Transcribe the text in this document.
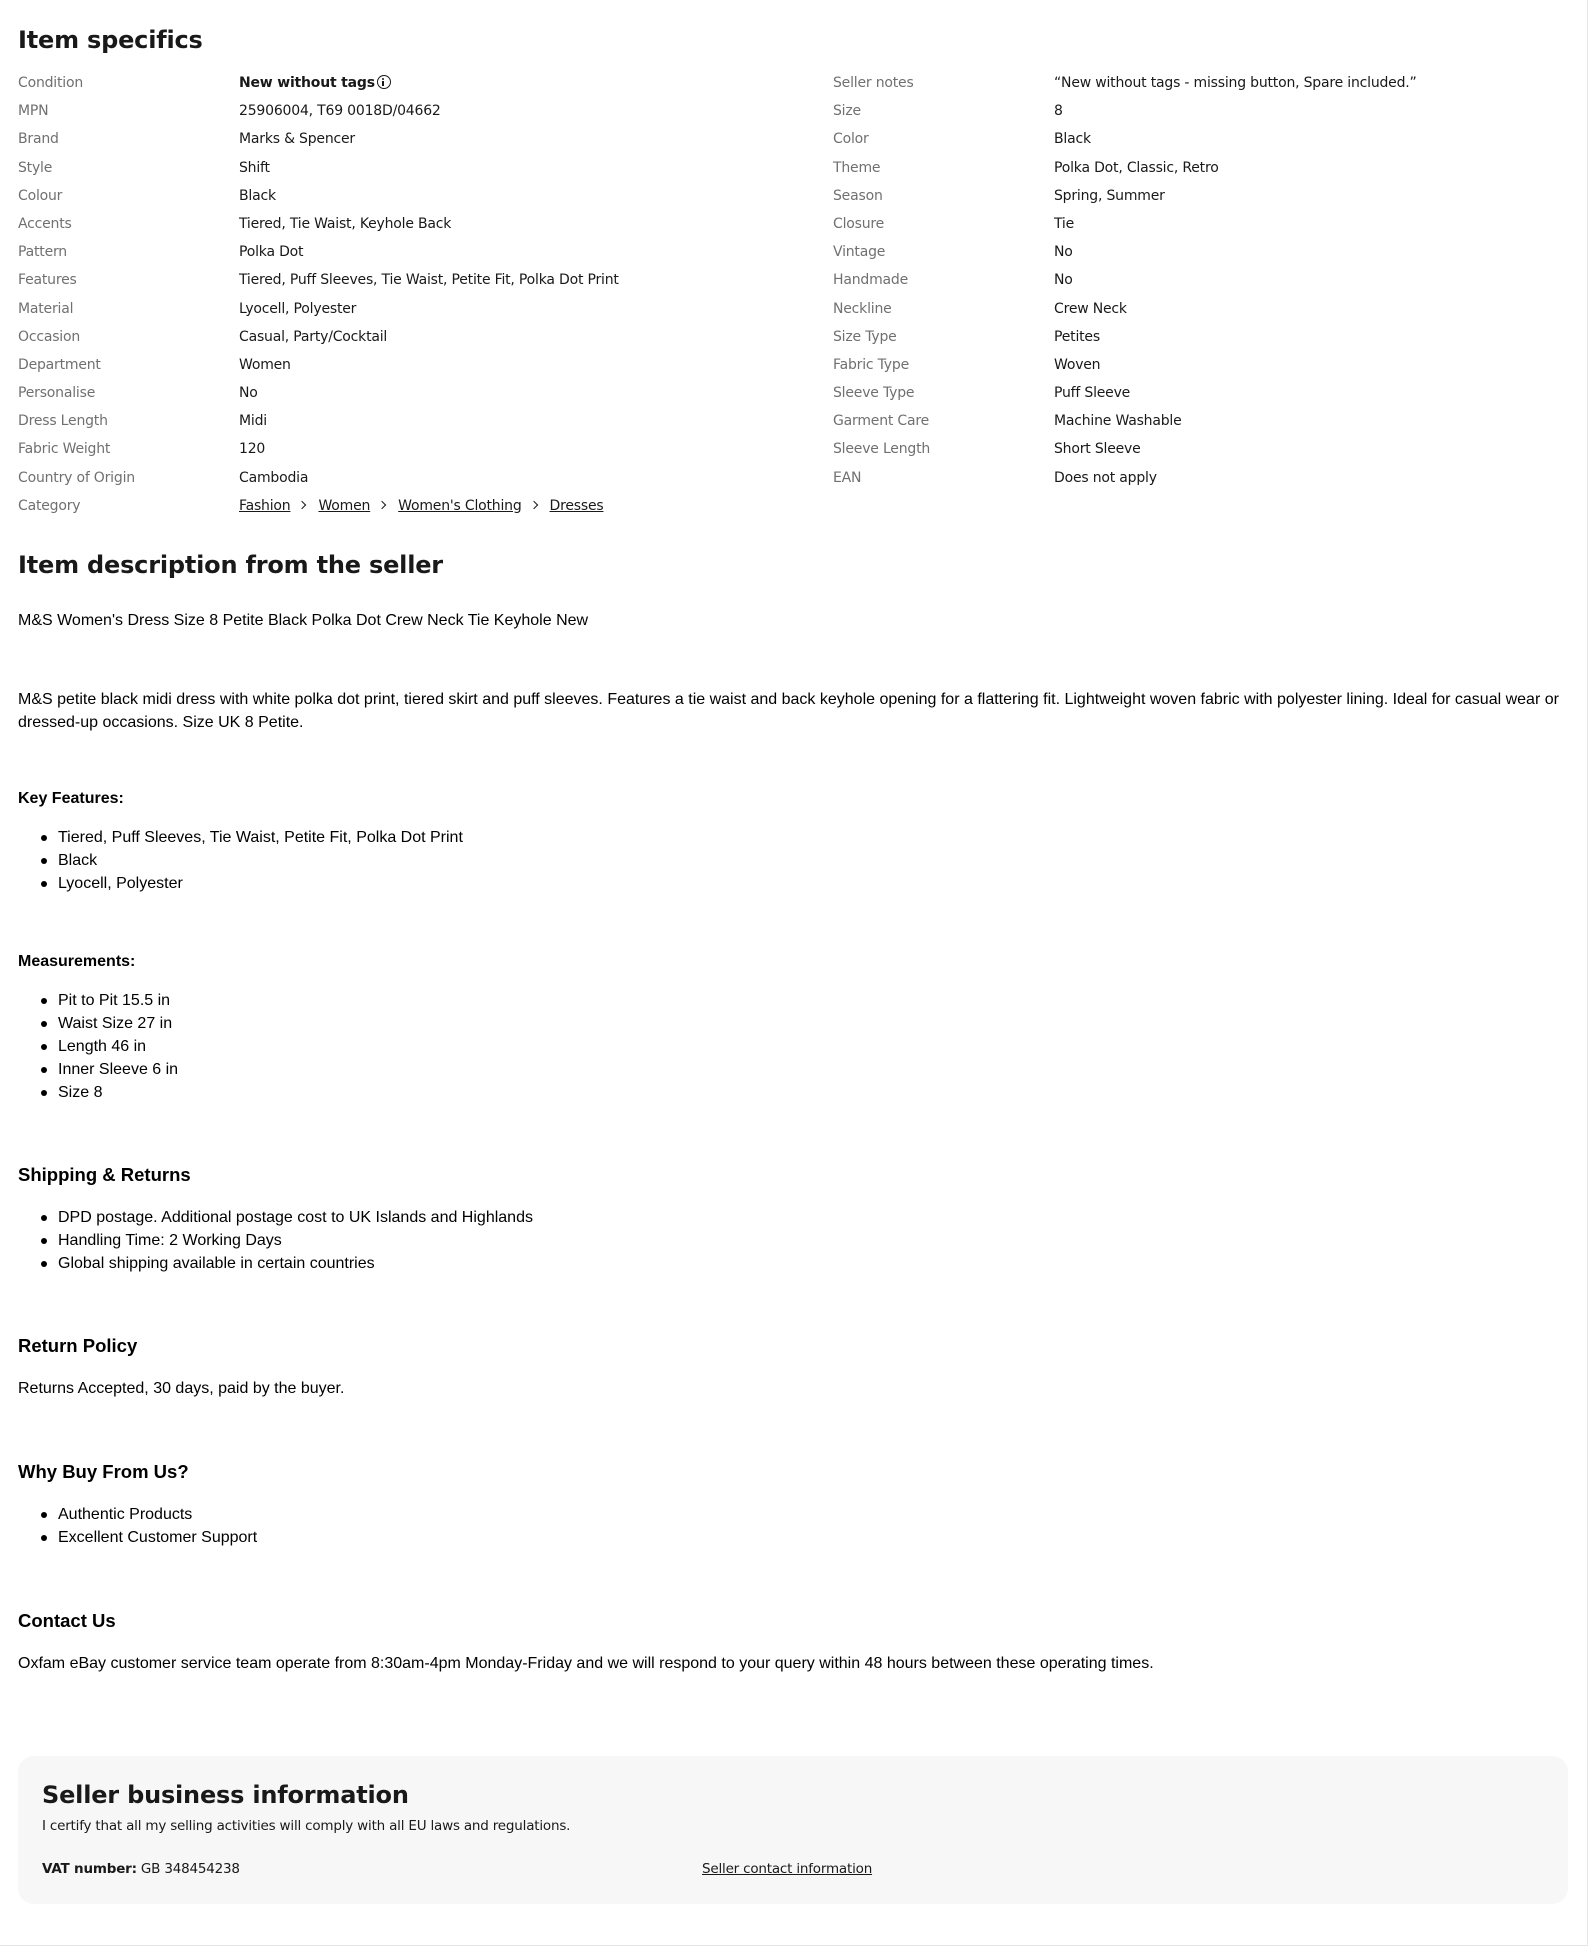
Item specifics
Condition	New without tags
MPN	25906004, T69 0018D/04662
Brand	Marks & Spencer
Style	Shift
Colour	Black
Accents	Tiered, Tie Waist, Keyhole Back
Pattern	Polka Dot
Features	Tiered, Puff Sleeves, Tie Waist, Petite Fit, Polka Dot Print
Material	Lyocell, Polyester
Occasion	Casual, Party/Cocktail
Department	Women
Personalise	No
Dress Length	Midi
Fabric Weight	120
Country of Origin	Cambodia
Category	Fashion Women Women's Clothing Dresses
Seller notes	“New without tags - missing button, Spare included.”
Size	8
Color	Black
Theme	Polka Dot, Classic, Retro
Season	Spring, Summer
Closure	Tie
Vintage	No
Handmade	No
Neckline	Crew Neck
Size Type	Petites
Fabric Type	Woven
Sleeve Type	Puff Sleeve
Garment Care	Machine Washable
Sleeve Length	Short Sleeve
EAN	Does not apply
Item description from the seller

M&S Women's Dress Size 8 Petite Black Polka Dot Crew Neck Tie Keyhole New

M&S petite black midi dress with white polka dot print, tiered skirt and puff sleeves. Features a tie waist and back keyhole opening for a flattering fit. Lightweight woven fabric with polyester lining. Ideal for casual wear or dressed-up occasions. Size UK 8 Petite.

Key Features:
Tiered, Puff Sleeves, Tie Waist, Petite Fit, Polka Dot Print
Black
Lyocell, Polyester
Measurements:
Pit to Pit 15.5 in
Waist Size 27 in
Length 46 in
Inner Sleeve 6 in
Size 8
Shipping & Returns
DPD postage. Additional postage cost to UK Islands and Highlands
Handling Time: 2 Working Days
Global shipping available in certain countries
Return Policy

Returns Accepted, 30 days, paid by the buyer.

Why Buy From Us?
Authentic Products
Excellent Customer Support
Contact Us

Oxfam eBay customer service team operate from 8:30am-4pm Monday-Friday and we will respond to your query within 48 hours between these operating times.

Seller business information
I certify that all my selling activities will comply with all EU laws and regulations.
VAT number: GB 348454238	Seller contact information
